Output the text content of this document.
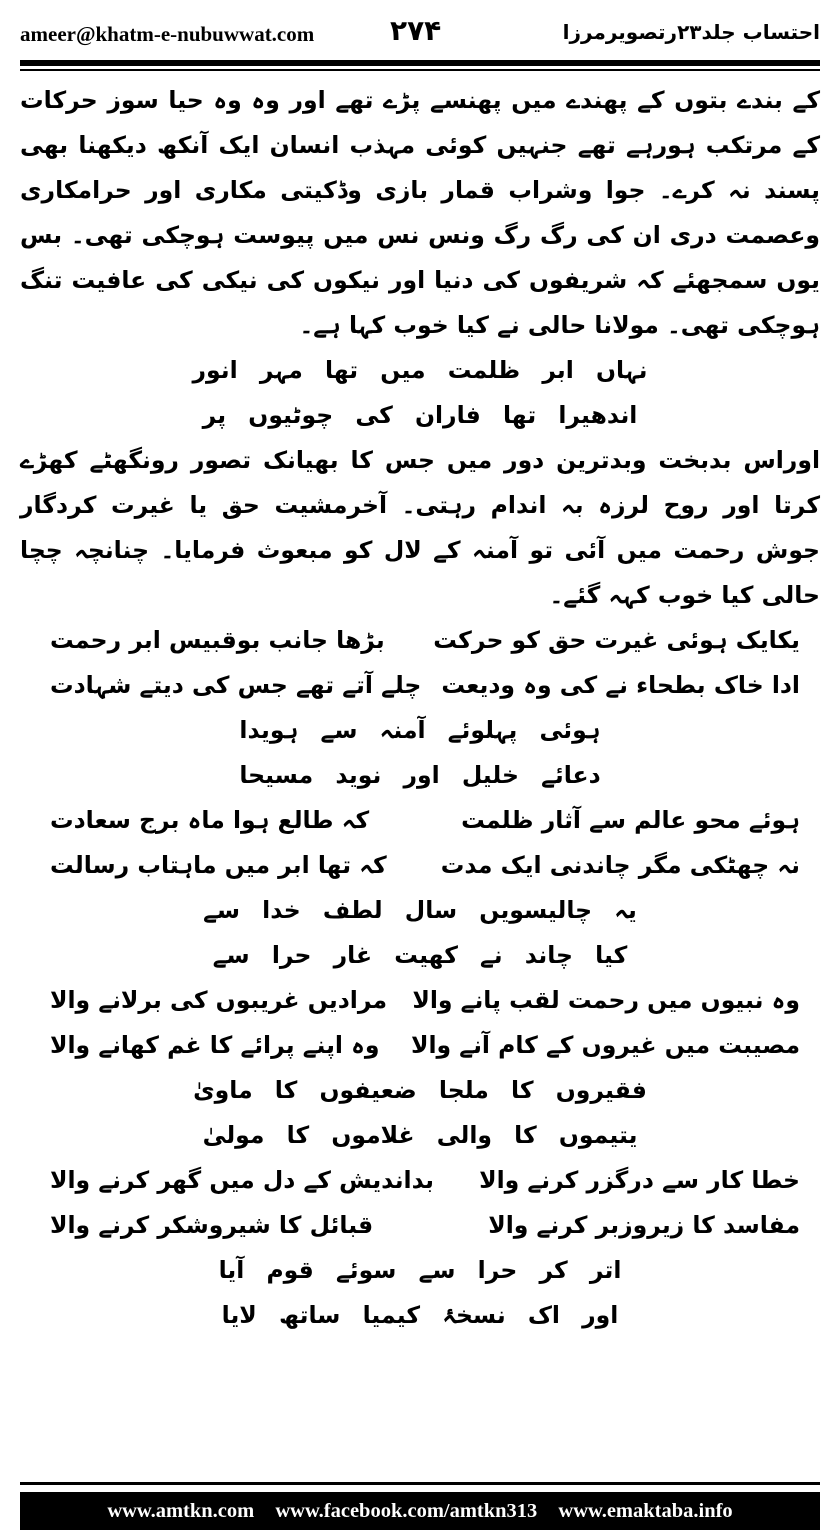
ameer@khatm-e-nubuwwat.com	۲۷۴	احتساب جلد۲۳رتصویرمرزا

کے بندے بتوں کے پھندے میں پھنسے پڑے تھے اور وہ وہ حیا سوز حرکات کے مرتکب ہورہے تھے جنہیں کوئی مہذب انسان ایک آنکھ دیکھنا بھی پسند نہ کرے۔ جوا وشراب قمار بازی وڈکیتی مکاری اور حرامکاری وعصمت دری ان کی رگ رگ ونس نس میں پیوست ہوچکی تھی۔ بس یوں سمجھئے کہ شریفوں کی دنیا اور نیکوں کی نیکی کی عافیت تنگ ہوچکی تھی۔ مولانا حالی نے کیا خوب کہا ہے۔

نہاں ابر ظلمت میں تھا مہر انور
اندھیرا تھا فاران کی چوٹیوں پر

اوراس بدبخت وبدترین دور میں جس کا بھیانک تصور رونگھٹے کھڑے کرتا اور روح لرزہ بہ اندام رہتی۔ آخرمشیت حق یا غیرت کردگار جوش رحمت میں آئی تو آمنہ کے لال کو مبعوث فرمایا۔ چنانچہ چچا حالی کیا خوب کہہ گئے۔

یکایک ہوئی غیرت حق کو حرکت
بڑھا جانب بوقبیس ابر رحمت
ادا خاک بطحاء نے کی وہ ودیعت
چلے آتے تھے جس کی دیتے شہادت
ہوئی پہلوئے آمنہ سے ہویدا
دعائے خلیل اور نوید مسیحا
ہوئے محو عالم سے آثار ظلمت
کہ طالع ہوا ماہ برج سعادت
نہ چھٹکی مگر چاندنی ایک مدت
کہ تھا ابر میں ماہتاب رسالت
یہ چالیسویں سال لطف خدا سے
کیا چاند نے کھیت غار حرا سے
وہ نبیوں میں رحمت لقب پانے والا
مرادیں غریبوں کی برلانے والا
مصیبت میں غیروں کے کام آنے والا
وہ اپنے پرائے کا غم کھانے والا
فقیروں کا ملجا ضعیفوں کا ماویٰ
یتیموں کا والی غلاموں کا مولیٰ
خطا کار سے درگزر کرنے والا
بداندیش کے دل میں گھر کرنے والا
مفاسد کا زیروزبر کرنے والا
قبائل کا شیروشکر کرنے والا
اتر کر حرا سے سوئے قوم آیا
اور اک نسخۂ کیمیا ساتھ لایا
www.amtkn.com www.facebook.com/amtkn313 www.emaktaba.info
